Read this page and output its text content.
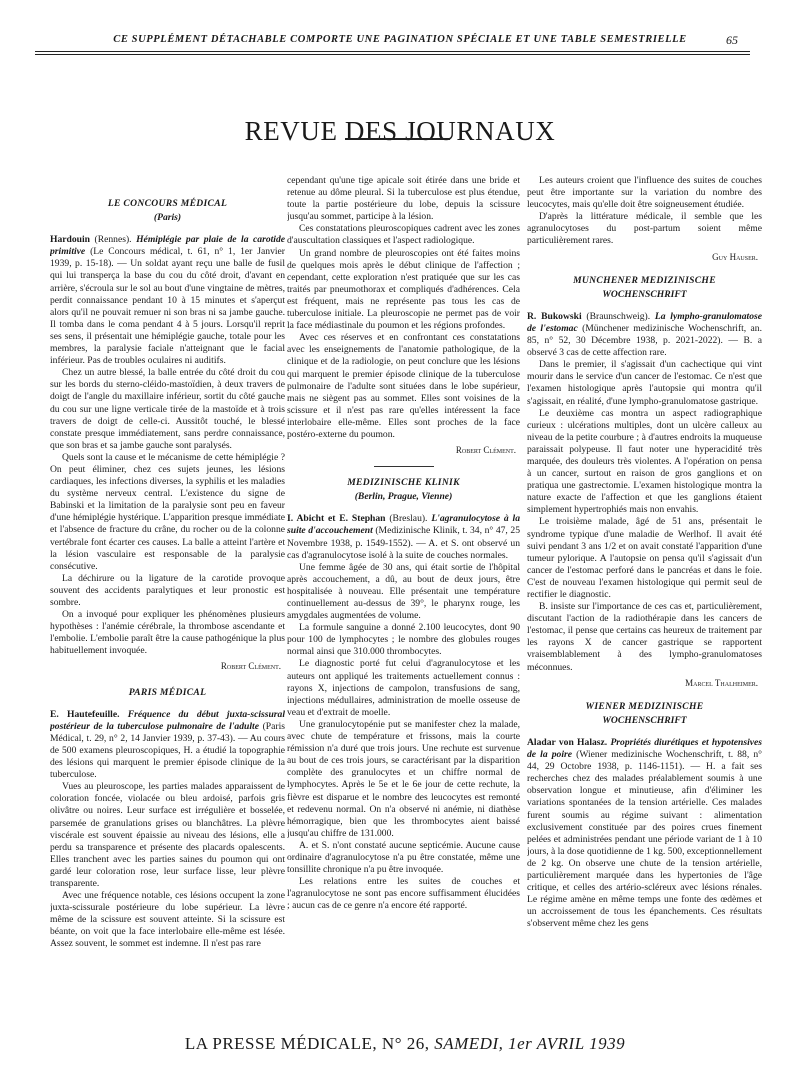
CE SUPPLÉMENT DÉTACHABLE COMPORTE UNE PAGINATION SPÉCIALE ET UNE TABLE SEMESTRIELLE	65
REVUE DES JOURNAUX
LE CONCOURS MÉDICAL
(Paris)

Hardouin (Rennes). Hémiplégie par plaie de la carotide primitive (Le Concours médical, t. 61, n° 1, 1er Janvier 1939, p. 15-18). — Un soldat ayant reçu une balle de fusil qui lui transperça la base du cou du côté droit, d'avant en arrière, s'écroula sur le sol au bout d'une vingtaine de mètres, perdit connaissance pendant 10 à 15 minutes et s'aperçut alors qu'il ne pouvait remuer ni son bras ni sa jambe gauche. Il tomba dans le coma pendant 4 à 5 jours. Lorsqu'il reprit ses sens, il présentait une hémiplégie gauche, totale pour les membres, la paralysie faciale n'atteignant que le facial inférieur. Pas de troubles oculaires ni auditifs.

Chez un autre blessé, la balle entrée du côté droit du cou sur les bords du sterno-cléido-mastoïdien, à deux travers de doigt de l'angle du maxillaire inférieur, sortit du côté gauche du cou sur une ligne verticale tirée de la mastoïde et à trois travers de doigt de celle-ci. Aussitôt touché, le blessé constate presque immédiatement, sans perdre connaissance, que son bras et sa jambe gauche sont paralysés.

Quels sont la cause et le mécanisme de cette hémiplégie ? On peut éliminer, chez ces sujets jeunes, les lésions cardiaques, les infections diverses, la syphilis et les maladies du système nerveux central. L'existence du signe de Babinski et la limitation de la paralysie sont peu en faveur d'une hémiplégie hystérique. L'apparition presque immédiate et l'absence de fracture du crâne, du rocher ou de la colonne vertébrale font écarter ces causes. La balle a atteint l'artère et la lésion vasculaire est responsable de la paralysie consécutive.

La déchirure ou la ligature de la carotide provoque souvent des accidents paralytiques et leur pronostic est sombre.

On a invoqué pour expliquer les phénomènes plusieurs hypothèses : l'anémie cérébrale, la thrombose ascendante et l'embolie. L'embolie paraît être la cause pathogénique la plus habituellement invoquée.

Robert Clément.

PARIS MÉDICAL

E. Hautefeuille. Fréquence du début juxta-scissural postérieur de la tuberculose pulmonaire de l'adulte (Paris Médical, t. 29, n° 2, 14 Janvier 1939, p. 37-43). — Au cours de 500 examens pleuroscopiques, H. a étudié la topographie des lésions qui marquent le premier épisode clinique de la tuberculose.

Vues au pleuroscope, les parties malades apparaissent de coloration foncée, violacée ou bleu ardoisé, parfois gris olivâtre ou noires. Leur surface est irrégulière et bosselée, parsemée de granulations grises ou blanchâtres. La plèvre viscérale est souvent épaissie au niveau des lésions, elle a perdu sa transparence et présente des placards opalescents. Elles tranchent avec les parties saines du poumon qui ont gardé leur coloration rose, leur surface lisse, leur plèvre transparente.

Avec une fréquence notable, ces lésions occupent la zone juxta-scissurale postérieure du lobe supérieur. La lèvre même de la scissure est souvent atteinte. Si la scissure est béante, on voit que la face interlobaire elle-même est lésée. Assez souvent, le sommet est indemne. Il n'est pas rare

cependant qu'une tige apicale soit étirée dans une bride et retenue au dôme pleural. Si la tuberculose est plus étendue, toute la partie postérieure du lobe, depuis la scissure jusqu'au sommet, participe à la lésion.

Ces constatations pleuroscopiques cadrent avec les zones d'auscultation classiques et l'aspect radiologique.

Un grand nombre de pleuroscopies ont été faites moins de quelques mois après le début clinique de l'affection ; cependant, cette exploration n'est pratiquée que sur les cas traités par pneumothorax et compliqués d'adhérences. Cela est fréquent, mais ne représente pas tous les cas de tuberculose initiale. La pleuroscopie ne permet pas de voir la face médiastinale du poumon et les régions profondes.

Avec ces réserves et en confrontant ces constatations avec les enseignements de l'anatomie pathologique, de la clinique et de la radiologie, on peut conclure que les lésions qui marquent le premier épisode clinique de la tuberculose pulmonaire de l'adulte sont situées dans le lobe supérieur, mais ne siègent pas au sommet. Elles sont voisines de la scissure et il n'est pas rare qu'elles intéressent la face interlobaire elle-même. Elles sont proches de la face postéro-externe du poumon.

Robert Clément.

MEDIZINISCHE KLINIK
(Berlin, Prague, Vienne)

I. Abicht et E. Stephan (Breslau). L'agranulocytose à la suite d'accouchement (Medizinische Klinik, t. 34, n° 47, 25 Novembre 1938, p. 1549-1552). — A. et S. ont observé un cas d'agranulocytose isolé à la suite de couches normales.

Une femme âgée de 30 ans, qui était sortie de l'hôpital après accouchement, a dû, au bout de deux jours, être hospitalisée à nouveau. Elle présentait une température continuellement au-dessus de 39°, le pharynx rouge, les amygdales augmentées de volume.

La formule sanguine a donné 2.100 leucocytes, dont 90 pour 100 de lymphocytes ; le nombre des globules rouges normal ainsi que 310.000 thrombocytes.

Le diagnostic porté fut celui d'agranulocytose et les auteurs ont appliqué les traitements actuellement connus : rayons X, injections de campolon, transfusions de sang, injections médullaires, administration de moelle osseuse de veau et d'extrait de moelle.

Une granulocytopénie put se manifester chez la malade, avec chute de température et frissons, mais la courte rémission n'a duré que trois jours. Une rechute est survenue au bout de ces trois jours, se caractérisant par la disparition complète des granulocytes et un chiffre normal de lymphocytes. Après le 5e et le 6e jour de cette rechute, la fièvre est disparue et le nombre des leucocytes est remonté et redevenu normal. On n'a observé ni anémie, ni diathèse hémorragique, bien que les thrombocytes aient baissé jusqu'au chiffre de 131.000.

A. et S. n'ont constaté aucune septicémie. Aucune cause ordinaire d'agranulocytose n'a pu être constatée, même une tonsillite chronique n'a pu être invoquée.

Les relations entre les suites de couches et l'agranulocytose ne sont pas encore suffisamment élucidées ; aucun cas de ce genre n'a encore été rapporté.

Les auteurs croient que l'influence des suites de couches peut être importante sur la variation du nombre des leucocytes, mais qu'elle doit être soigneusement étudiée.

D'après la littérature médicale, il semble que les agranulocytoses du post-partum soient même particulièrement rares.

Guy Hauser.

MUNCHENER MEDIZINISCHE
WOCHENSCHRIFT

R. Bukowski (Braunschweig). La lympho-granulomatose de l'estomac (Münchener medizinische Wochenschrift, an. 85, n° 52, 30 Décembre 1938, p. 2021-2022). — B. a observé 3 cas de cette affection rare.

Dans le premier, il s'agissait d'un cachectique qui vint mourir dans le service d'un cancer de l'estomac. Ce n'est que l'examen histologique après l'autopsie qui montra qu'il s'agissait, en réalité, d'une lympho-granulomatose gastrique.

Le deuxième cas montra un aspect radiographique curieux : ulcérations multiples, dont un ulcère calleux au niveau de la petite courbure ; à d'autres endroits la muqueuse paraissait polypeuse. Il faut noter une hyperacidité très marquée, des douleurs très violentes. A l'opération on pensa à un cancer, surtout en raison de gros ganglions et on pratiqua une gastrectomie. L'examen histologique montra la nature exacte de l'affection et que les ganglions étaient simplement hypertrophiés mais non envahis.

Le troisième malade, âgé de 51 ans, présentait le syndrome typique d'une maladie de Werlhof. Il avait été suivi pendant 3 ans 1/2 et on avait constaté l'apparition d'une tumeur pylorique. A l'autopsie on pensa qu'il s'agissait d'un cancer de l'estomac perforé dans le pancréas et dans le foie. C'est de nouveau l'examen histologique qui permit seul de rectifier le diagnostic.

B. insiste sur l'importance de ces cas et, particulièrement, discutant l'action de la radiothérapie dans les cancers de l'estomac, il pense que certains cas heureux de traitement par les rayons X de cancer gastrique se rapportent vraisemblablement à des lympho-granulomatoses méconnues.

Marcel Thalheimer.

WIENER MEDIZINISCHE
WOCHENSCHRIFT

Aladar von Halasz. Propriétés diurétiques et hypotensives de la poire (Wiener medizinische Wochenschrift, t. 88, n° 44, 29 Octobre 1938, p. 1146-1151). — H. a fait ses recherches chez des malades préalablement soumis à une observation longue et minutieuse, afin d'éliminer les variations spontanées de la tension artérielle. Ces malades furent soumis au régime suivant : alimentation exclusivement constituée par des poires crues finement pelées et administrées pendant une période variant de 1 à 10 jours, à la dose quotidienne de 1 kg. 500, exceptionnellement de 2 kg. On observe une chute de la tension artérielle, particulièrement marquée dans les hypertonies de l'âge critique, et celles des artério-scléreux avec lésions rénales. Le régime amène en même temps une fonte des œdèmes et un accroissement de tous les épanchements. Ces résultats s'observent même chez les gens

LA PRESSE MÉDICALE, N° 26, SAMEDI, 1er AVRIL 1939
